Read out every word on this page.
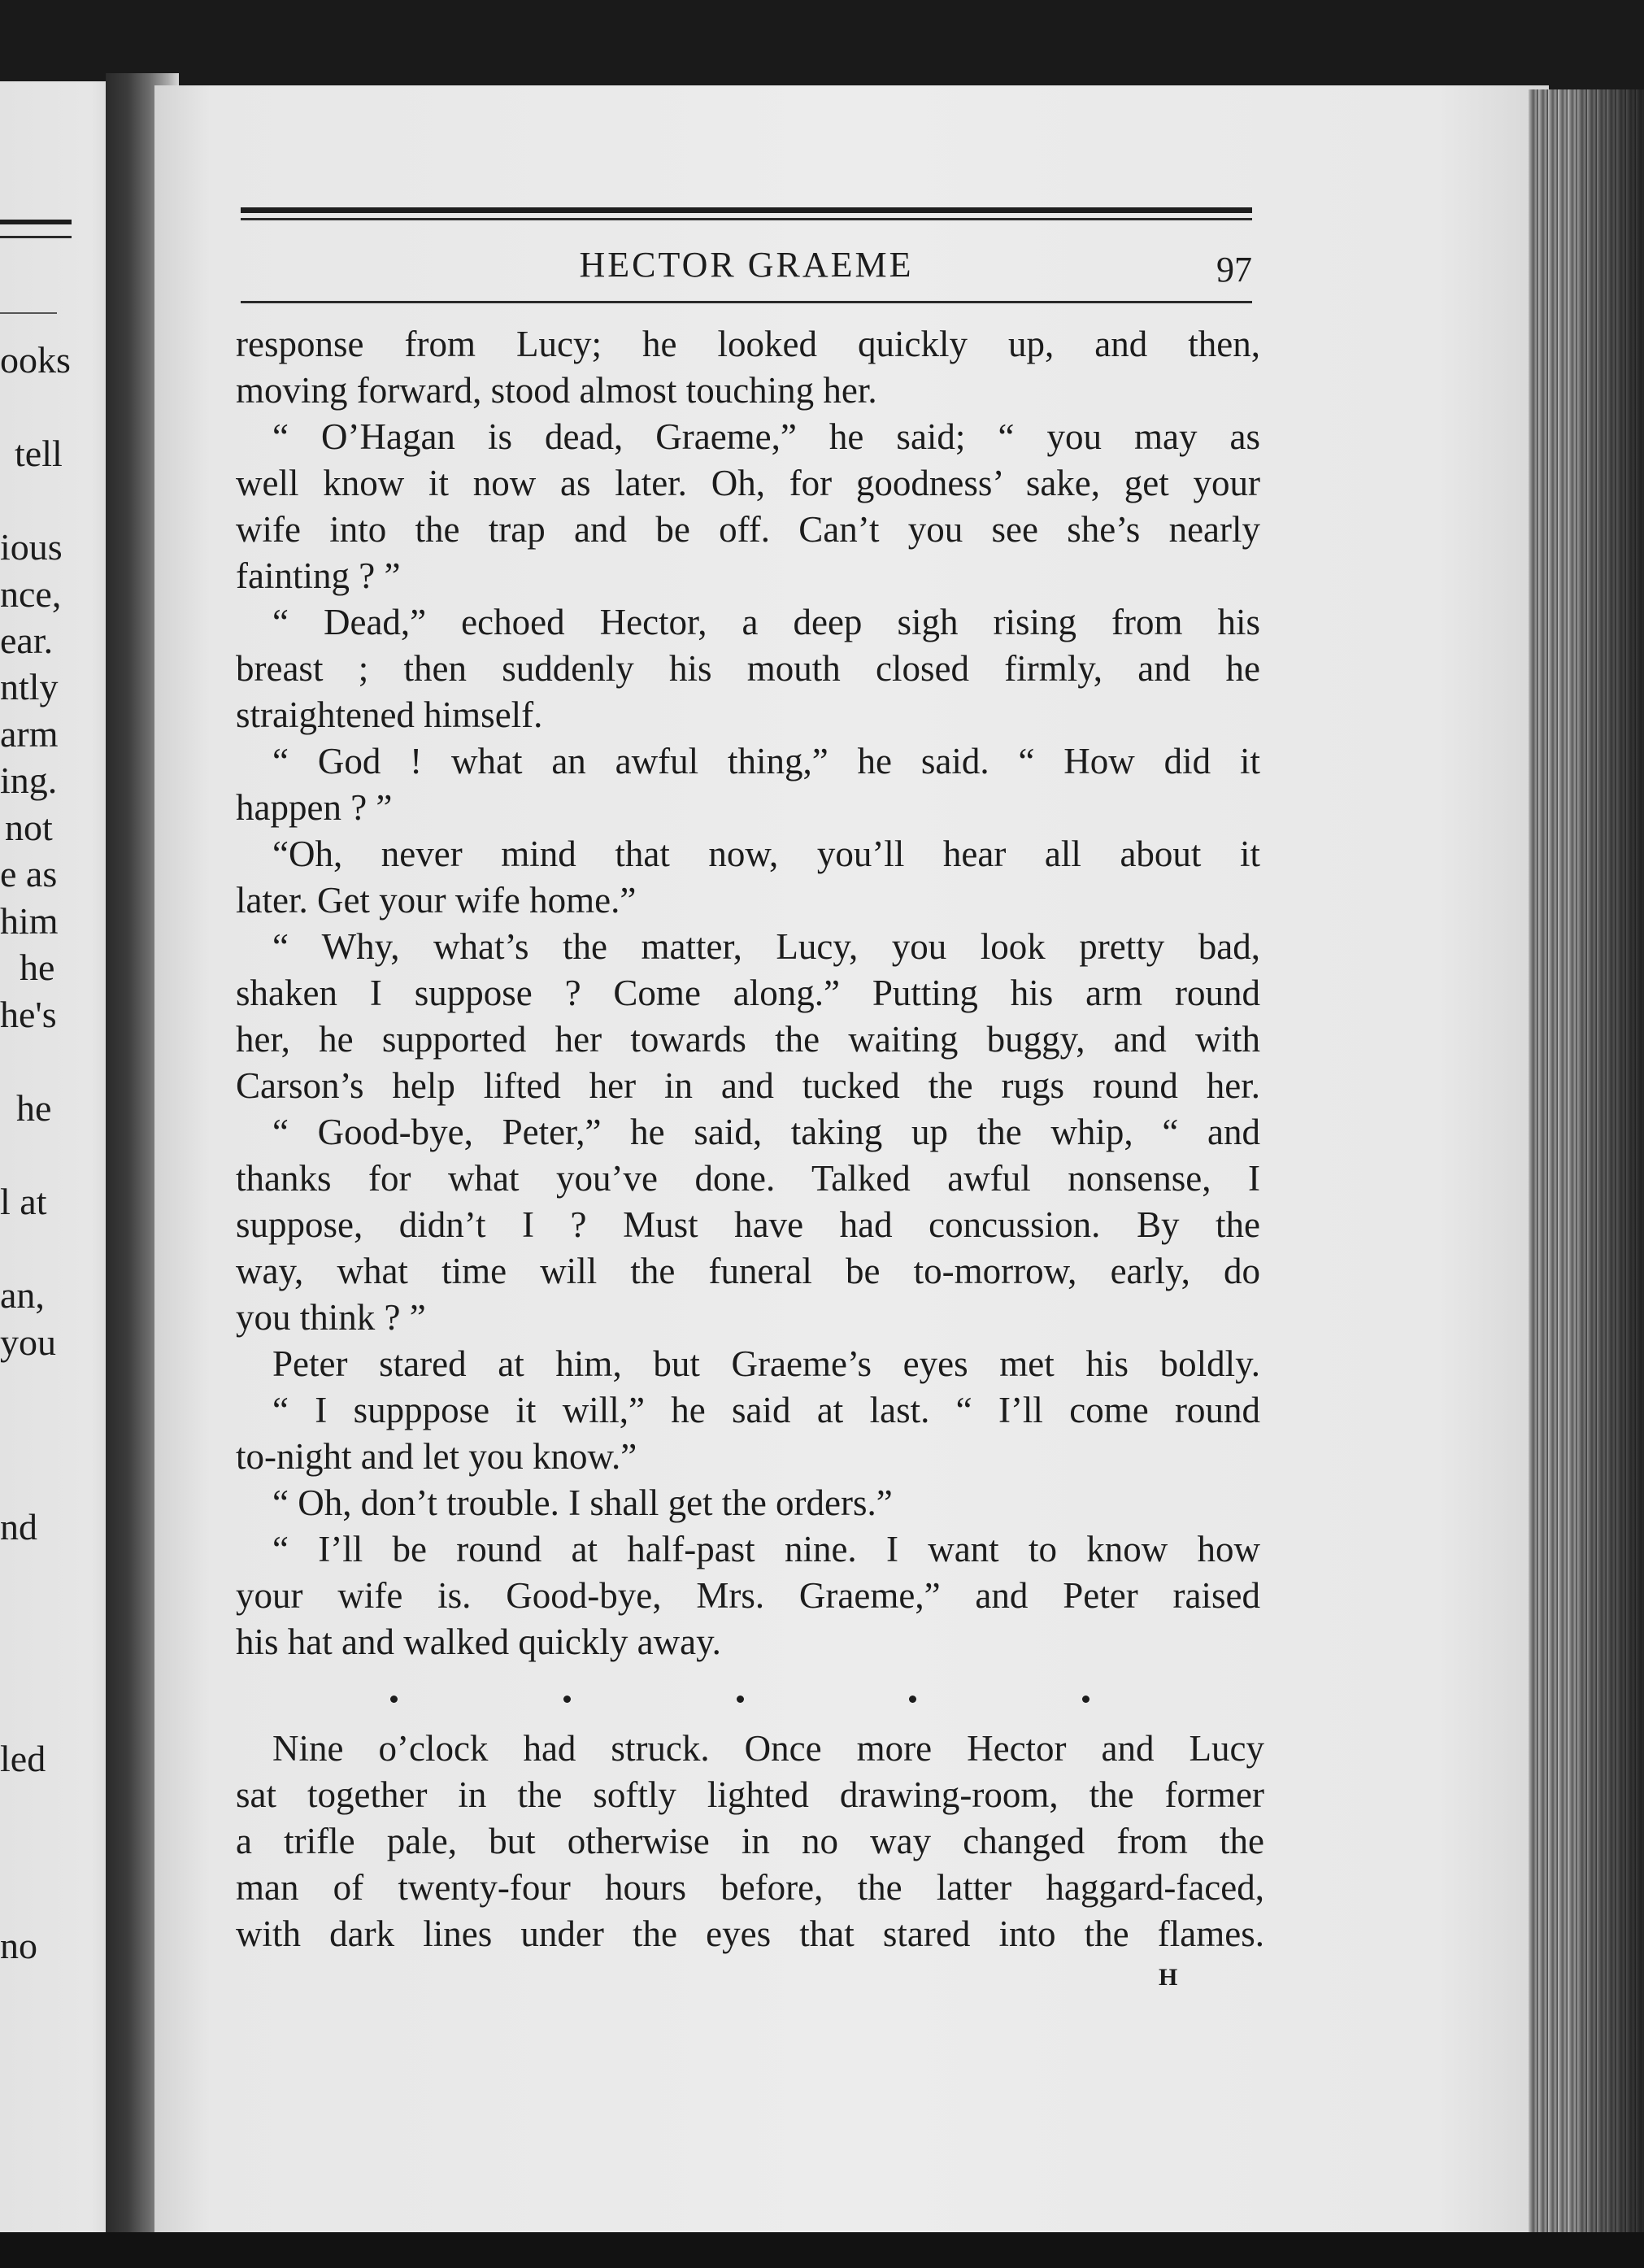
ooks
tell
ious
nce,
ear.
ntly
arm
ing.
not
e as
him
he
he's
he
l at
an,
you
nd
led
no
HECTOR GRAEME	97
response from Lucy; he looked quickly up, and then,
moving forward, stood almost touching her.
“ O’Hagan is dead, Graeme,” he said; “ you may as
well know it now as later. Oh, for goodness’ sake, get your
wife into the trap and be off. Can’t you see she’s nearly
fainting ? ”
“ Dead,” echoed Hector, a deep sigh rising from his
breast ; then suddenly his mouth closed firmly, and he
straightened himself.
“ God ! what an awful thing,” he said. “ How did it
happen ? ”
“Oh, never mind that now, you’ll hear all about it
later. Get your wife home.”
“ Why, what’s the matter, Lucy, you look pretty bad,
shaken I suppose ? Come along.” Putting his arm round
her, he supported her towards the waiting buggy, and with
Carson’s help lifted her in and tucked the rugs round her.
“ Good-bye, Peter,” he said, taking up the whip, “ and
thanks for what you’ve done. Talked awful nonsense, I
suppose, didn’t I ? Must have had concussion. By the
way, what time will the funeral be to-morrow, early, do
you think ? ”
Peter stared at him, but Graeme’s eyes met his boldly.
“ I supppose it will,” he said at last. “ I’ll come round
to-night and let you know.”
“ Oh, don’t trouble. I shall get the orders.”
“ I’ll be round at half-past nine. I want to know how
your wife is. Good-bye, Mrs. Graeme,” and Peter raised
his hat and walked quickly away.
Nine o’clock had struck. Once more Hector and Lucy
sat together in the softly lighted drawing-room, the former
a trifle pale, but otherwise in no way changed from the
man of twenty-four hours before, the latter haggard-faced,
with dark lines under the eyes that stared into the flames.
H
